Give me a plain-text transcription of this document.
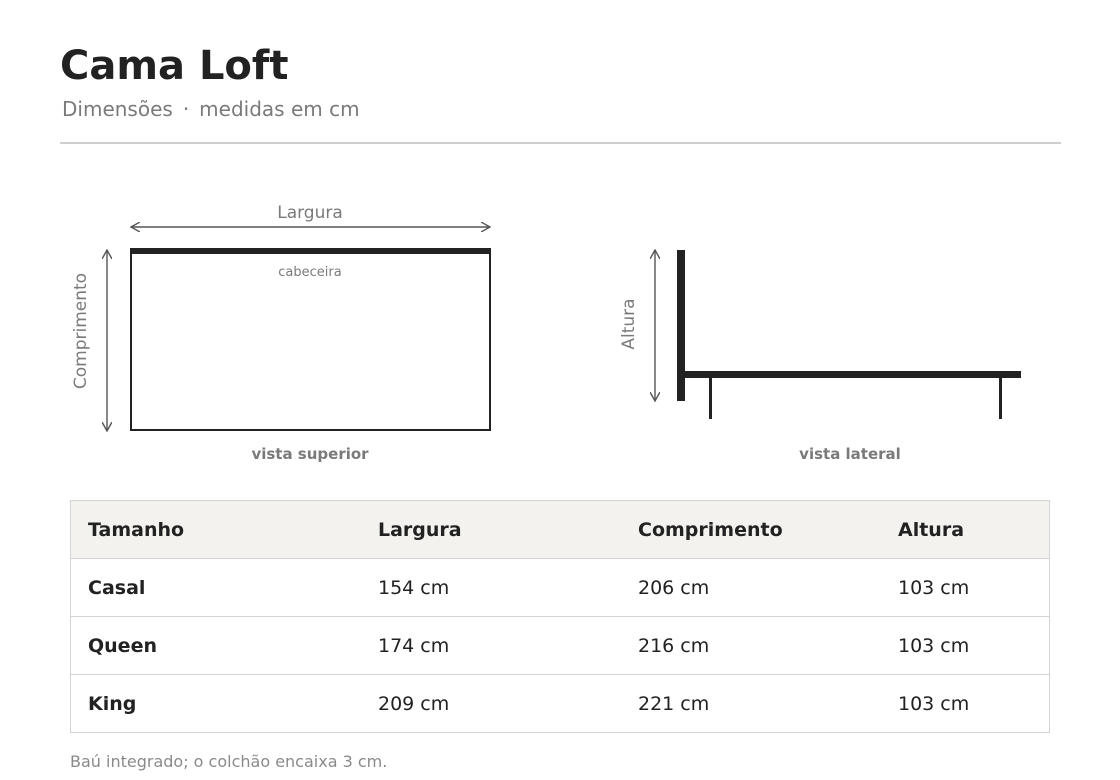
Cama Loft
Dimensões · medidas em cm
Largura
cabeceira
Comprimento
vista superior
Altura
vista lateral
Tamanho	Largura	Comprimento	Altura
Casal	154 cm	206 cm	103 cm
Queen	174 cm	216 cm	103 cm
King	209 cm	221 cm	103 cm
Baú integrado; o colchão encaixa 3 cm.
